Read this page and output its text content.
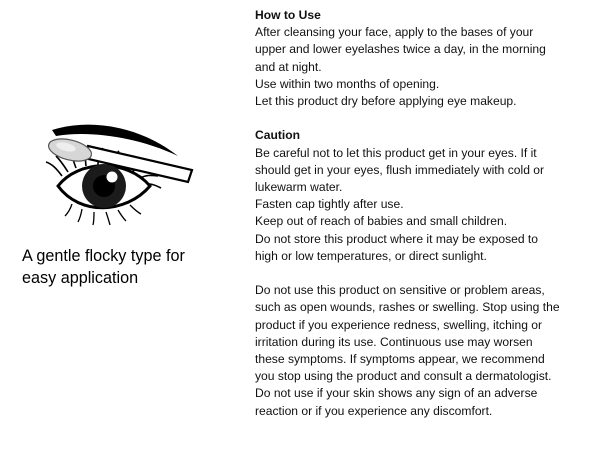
A gentle flocky type for
easy application

How to Use

After cleansing your face, apply to the bases of your

upper and lower eyelashes twice a day, in the morning

and at night.

Use within two months of opening.

Let this product dry before applying eye makeup.

Caution

Be careful not to let this product get in your eyes. If it

should get in your eyes, flush immediately with cold or

lukewarm water.

Fasten cap tightly after use.

Keep out of reach of babies and small children.

Do not store this product where it may be exposed to

high or low temperatures, or direct sunlight.

Do not use this product on sensitive or problem areas,

such as open wounds, rashes or swelling. Stop using the

product if you experience redness, swelling, itching or

irritation during its use. Continuous use may worsen

these symptoms. If symptoms appear, we recommend

you stop using the product and consult a dermatologist.

Do not use if your skin shows any sign of an adverse

reaction or if you experience any discomfort.
